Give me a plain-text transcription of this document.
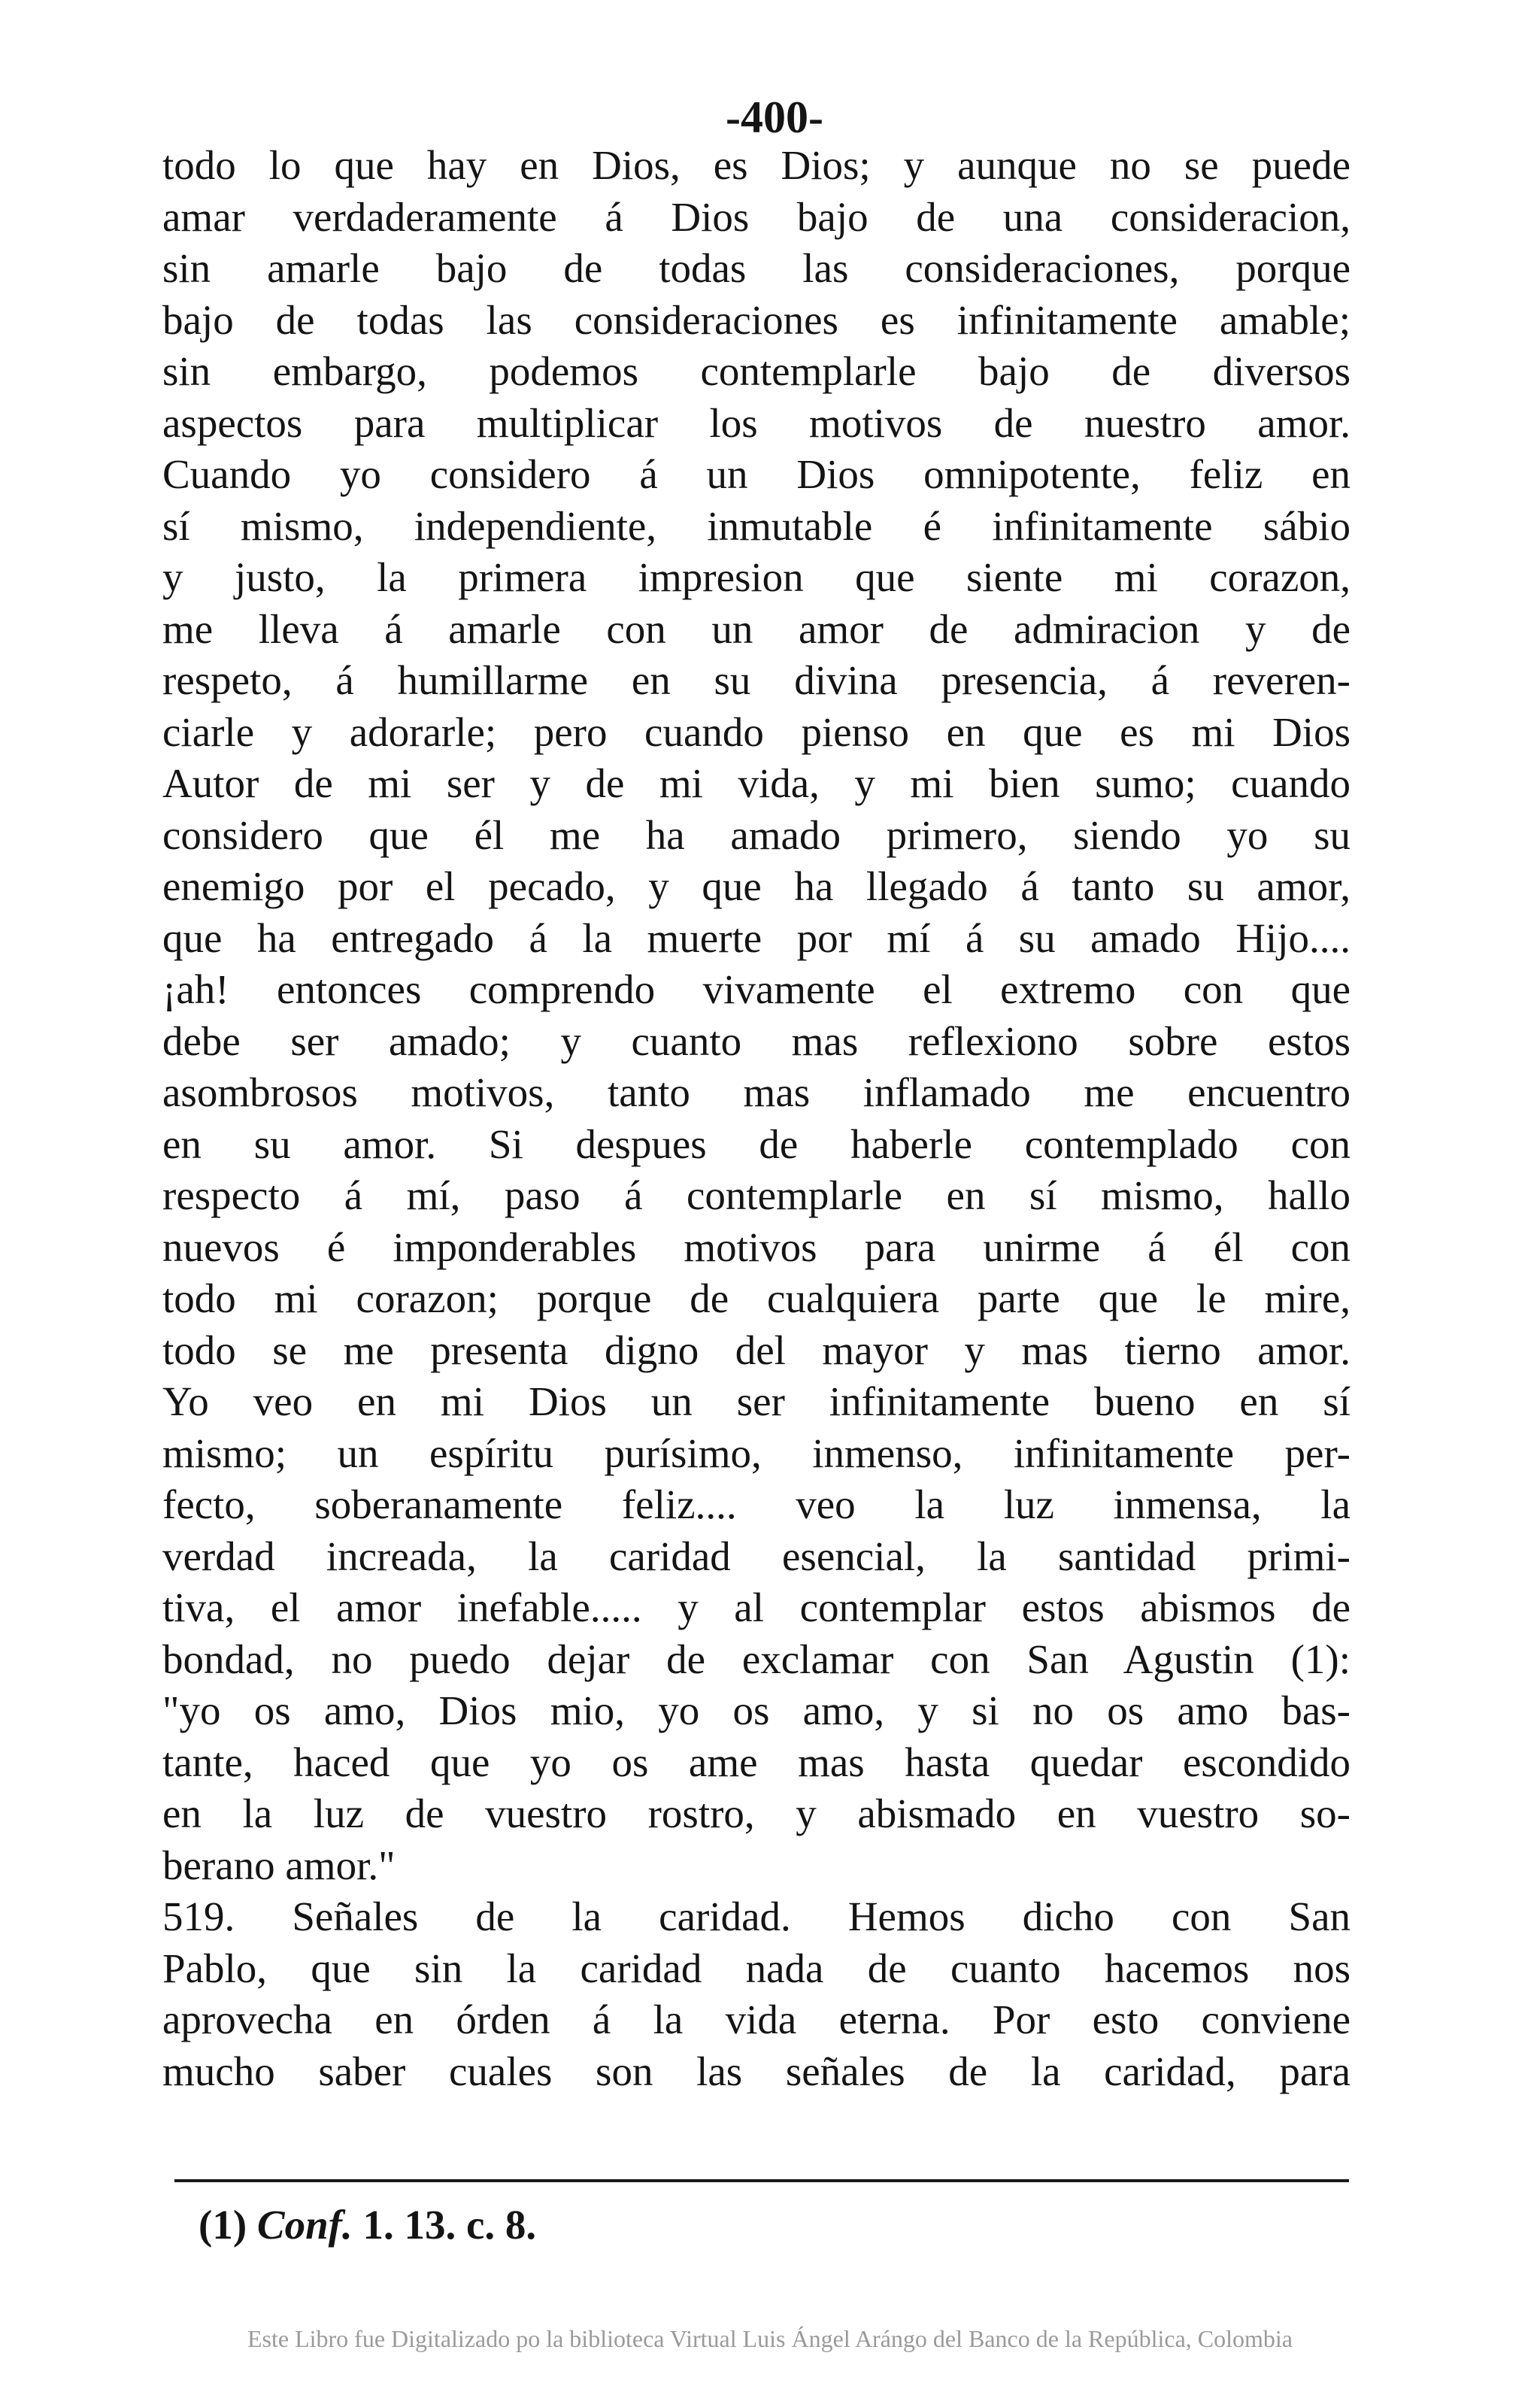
-400-
todo lo que hay en Dios, es Dios; y aunque no se puede
amar verdaderamente á Dios bajo de una consideracion,
sin amarle bajo de todas las consideraciones, porque
bajo de todas las consideraciones es infinitamente amable;
sin embargo, podemos contemplarle bajo de diversos
aspectos para multiplicar los motivos de nuestro amor.
Cuando yo considero á un Dios omnipotente, feliz en
sí mismo, independiente, inmutable é infinitamente sábio
y justo, la primera impresion que siente mi corazon,
me lleva á amarle con un amor de admiracion y de
respeto, á humillarme en su divina presencia, á reveren-
ciarle y adorarle; pero cuando pienso en que es mi Dios
Autor de mi ser y de mi vida, y mi bien sumo; cuando
considero que él me ha amado primero, siendo yo su
enemigo por el pecado, y que ha llegado á tanto su amor,
que ha entregado á la muerte por mí á su amado Hijo....
¡ah! entonces comprendo vivamente el extremo con que
debe ser amado; y cuanto mas reflexiono sobre estos
asombrosos motivos, tanto mas inflamado me encuentro
en su amor. Si despues de haberle contemplado con
respecto á mí, paso á contemplarle en sí mismo, hallo
nuevos é imponderables motivos para unirme á él con
todo mi corazon; porque de cualquiera parte que le mire,
todo se me presenta digno del mayor y mas tierno amor.
Yo veo en mi Dios un ser infinitamente bueno en sí
mismo; un espíritu purísimo, inmenso, infinitamente per-
fecto, soberanamente feliz.... veo la luz inmensa, la
verdad increada, la caridad esencial, la santidad primi-
tiva, el amor inefable..... y al contemplar estos abismos de
bondad, no puedo dejar de exclamar con San Agustin (1):
"yo os amo, Dios mio, yo os amo, y si no os amo bas-
tante, haced que yo os ame mas hasta quedar escondido
en la luz de vuestro rostro, y abismado en vuestro so-
berano amor."
519. Señales de la caridad. Hemos dicho con San
Pablo, que sin la caridad nada de cuanto hacemos nos
aprovecha en órden á la vida eterna. Por esto conviene
mucho saber cuales son las señales de la caridad, para
(1) Conf. 1. 13. c. 8.
Este Libro fue Digitalizado po la biblioteca Virtual Luis Ángel Arángo del Banco de la República, Colombia
